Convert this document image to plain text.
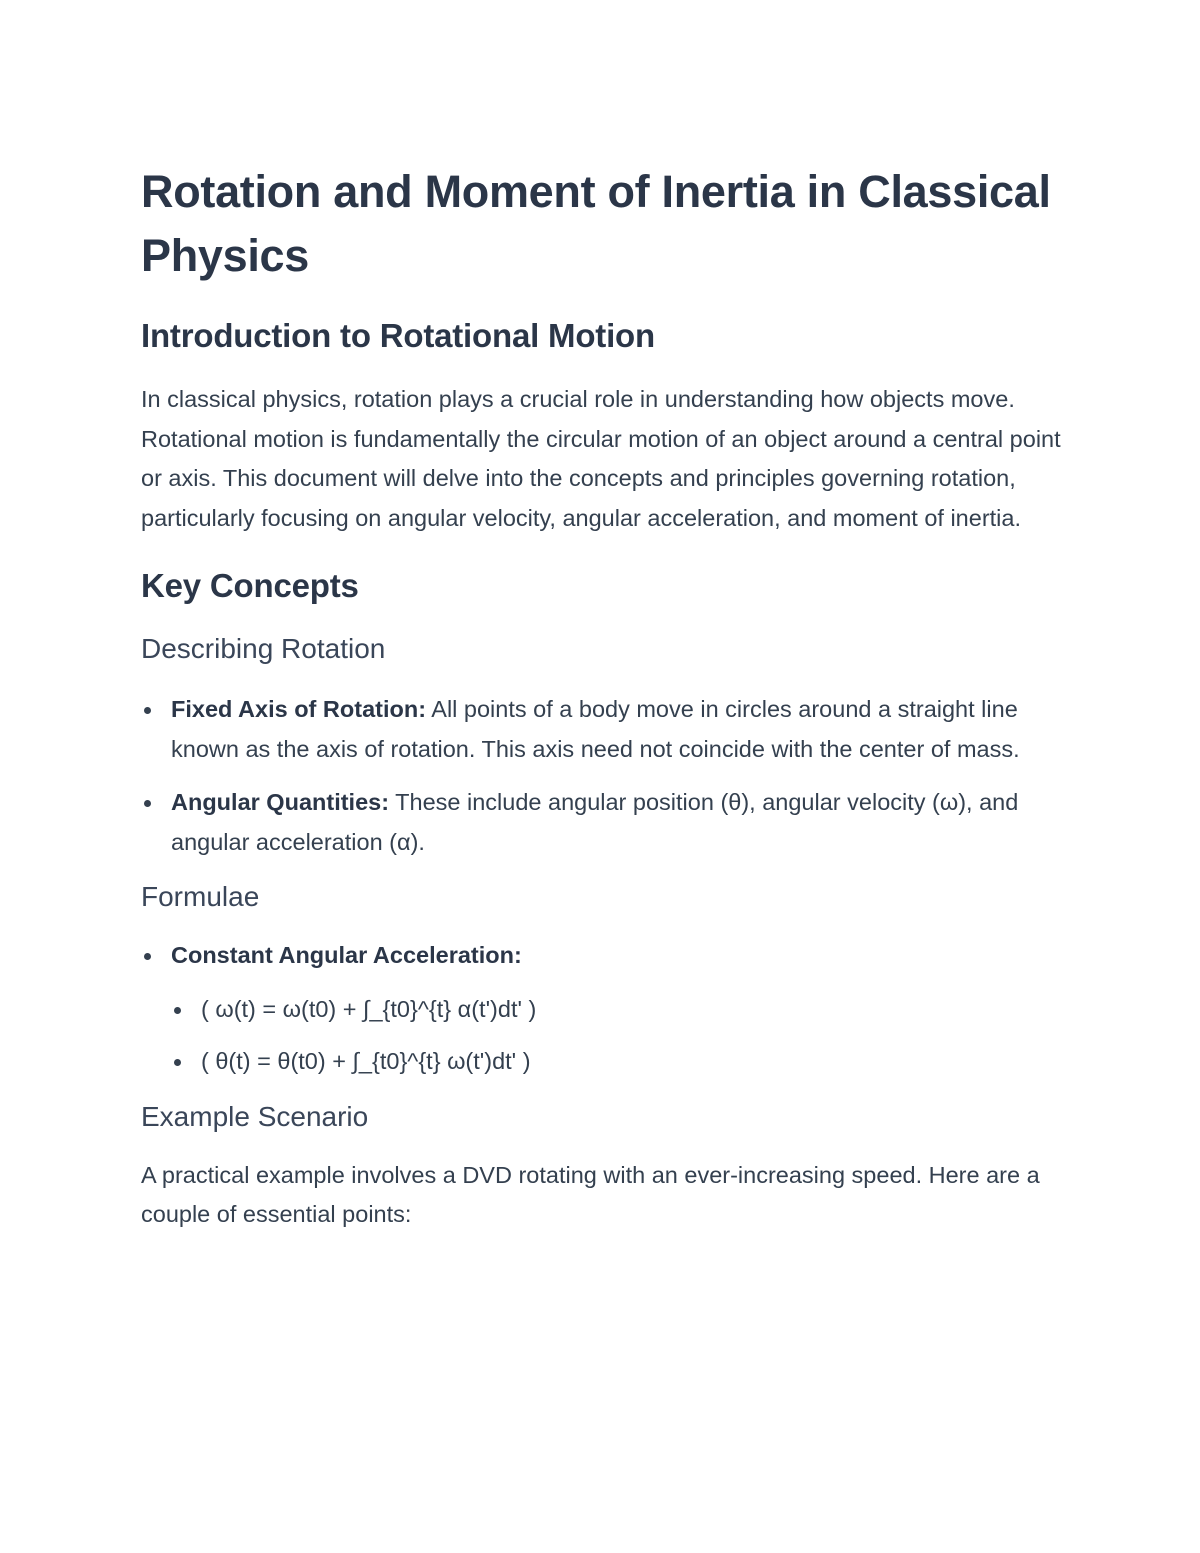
Rotation and Moment of Inertia in Classical Physics
Introduction to Rotational Motion

In classical physics, rotation plays a crucial role in understanding how objects move. Rotational motion is fundamentally the circular motion of an object around a central point or axis. This document will delve into the concepts and principles governing rotation, particularly focusing on angular velocity, angular acceleration, and moment of inertia.

Key Concepts
Describing Rotation
Fixed Axis of Rotation: All points of a body move in circles around a straight line known as the axis of rotation. This axis need not coincide with the center of mass.
Angular Quantities: These include angular position (θ), angular velocity (ω), and angular acceleration (α).
Formulae
Constant Angular Acceleration:
( ω(t) = ω(t0) + ∫_{t0}^{t} α(t')dt' )
( θ(t) = θ(t0) + ∫_{t0}^{t} ω(t')dt' )
Example Scenario

A practical example involves a DVD rotating with an ever-increasing speed. Here are a couple of essential points:
